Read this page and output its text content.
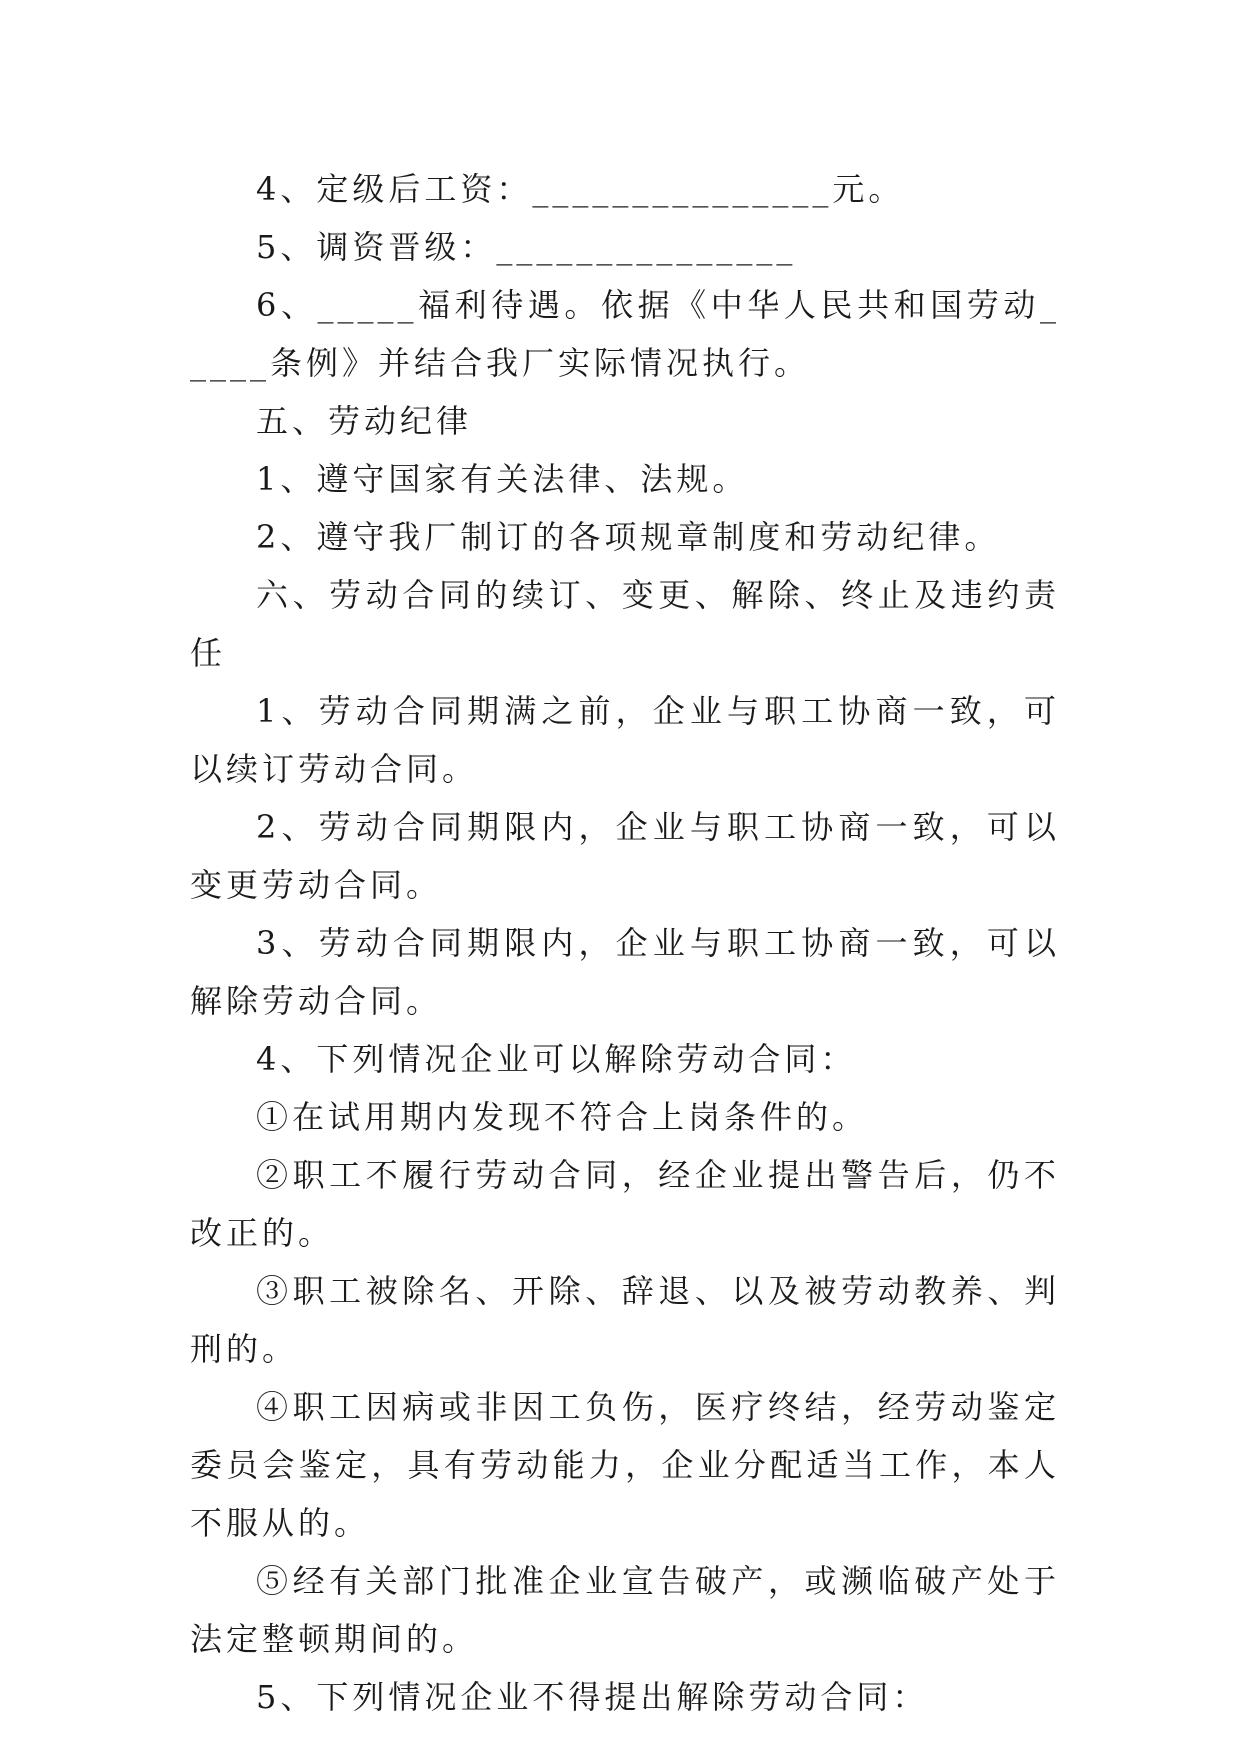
4、定级后工资：_______________元。

5、调资晋级：_______________

6、_____福利待遇。依据《中华人民共和国劳动_____条例》并结合我厂实际情况执行。

五、劳动纪律

1、遵守国家有关法律、法规。

2、遵守我厂制订的各项规章制度和劳动纪律。

六、劳动合同的续订、变更、解除、终止及违约责任

1、劳动合同期满之前，企业与职工协商一致，可以续订劳动合同。

2、劳动合同期限内，企业与职工协商一致，可以变更劳动合同。

3、劳动合同期限内，企业与职工协商一致，可以解除劳动合同。

4、下列情况企业可以解除劳动合同：

①在试用期内发现不符合上岗条件的。

②职工不履行劳动合同，经企业提出警告后，仍不改正的。

③职工被除名、开除、辞退、以及被劳动教养、判刑的。

④职工因病或非因工负伤，医疗终结，经劳动鉴定委员会鉴定，具有劳动能力，企业分配适当工作，本人不服从的。

⑤经有关部门批准企业宣告破产，或濒临破产处于法定整顿期间的。

5、下列情况企业不得提出解除劳动合同：
